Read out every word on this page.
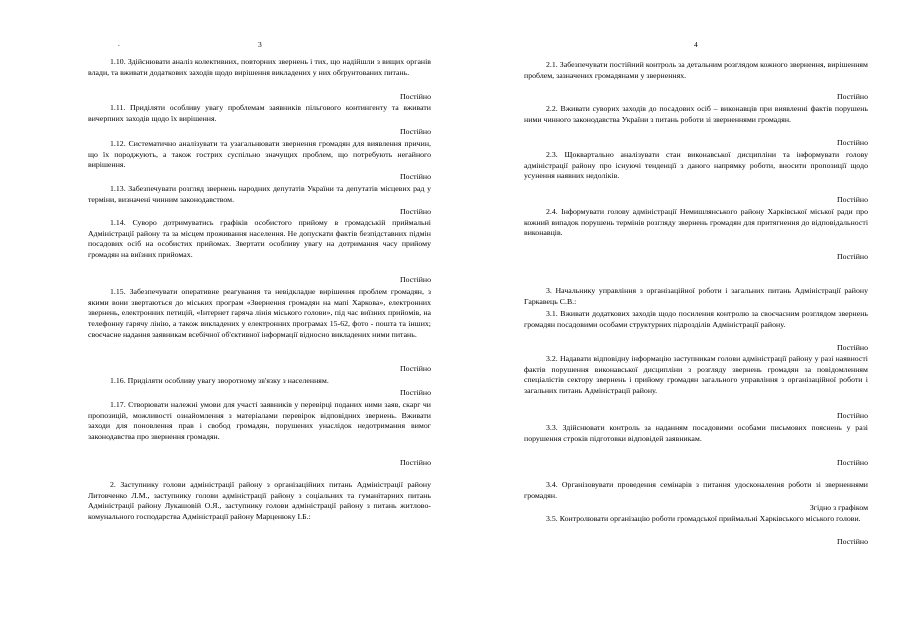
.	3

1.10. Здійснювати аналіз колективних, повторних звернень і тих, що надійшли з вищих органів влади, та вживати додаткових заходів щодо вирішення викладених у них обґрунтованих питань.

Постійно

1.11. Приділяти особливу увагу проблемам заявників пільгового контингенту та вживати вичерпних заходів щодо їх вирішення.

Постійно

1.12. Систематично аналізувати та узагальнювати звернення громадян для виявлення причин, що їх породжують, а також гострих суспільно значущих проблем, що потребують негайного вирішення.

Постійно

1.13. Забезпечувати розгляд звернень народних депутатів України та депутатів місцевих рад у терміни, визначені чинним законодавством.

Постійно

1.14. Суворо дотримуватись графіків особистого прийому в громадській приймальні Адміністрації району та за місцем проживання населення. Не допускати фактів безпідставних підмін посадових осіб на особистих прийомах. Звертати особливу увагу на дотримання часу прийому громадян на виїзних прийомах.

Постійно

1.15. Забезпечувати оперативне реагування та невідкладне вирішення проблем громадян, з якими вони звертаються до міських програм «Звернення громадян на мапі Харкова», електронних звернень, електронних петицій, «Інтернет гаряча лінія міського голови», під час виїзних прийомів, на телефонну гарячу лінію, а також викладених у електронних програмах 15-62, фото - пошта та інших; своєчасне надання заявникам всебічної об'єктивної інформації відносно викладених ними питань.

Постійно

1.16. Приділяти особливу увагу зворотному зв'язку з населенням.

Постійно

1.17. Створювати належні умови для участі заявників у перевірці поданих ними заяв, скарг чи пропозицій, можливості ознайомлення з матеріалами перевірок відповідних звернень. Вживати заходи для поновлення прав і свобод громадян, порушених унаслідок недотримання вимог законодавства про звернення громадян.

Постійно

2. Заступнику голови адміністрації району з організаційних питань Адміністрації району Литовченко Л.М., заступнику голови адміністрації району з соціальних та гуманітарних питань Адміністрації району Лукашовій О.Я., заступнику голови адміністрації району з питань житлово-комунального господарства Адміністрації району Марценюку І.Б.:

4

2.1. Забезпечувати постійний контроль за детальним розглядом кожного звернення, вирішенням проблем, зазначених громадянами у зверненнях.

Постійно

2.2. Вживати суворих заходів до посадових осіб – виконавців при виявленні фактів порушень ними чинного законодавства України з питань роботи зі зверненнями громадян.

Постійно

2.3. Щоквартально аналізувати стан виконавської дисципліни та інформувати голову адміністрації району про існуючі тенденції з даного напрямку роботи, вносити пропозиції щодо усунення наявних недоліків.

Постійно

2.4. Інформувати голову адміністрації Немишлянського району Харківської міської ради про кожний випадок порушень термінів розгляду звернень громадян для притягнення до відповідальності виконавців.

Постійно

3. Начальнику управління з організаційної роботи і загальних питань Адміністрації району Гаркавець С.В.:

3.1. Вживати додаткових заходів щодо посилення контролю за своєчасним розглядом звернень громадян посадовими особами структурних підрозділів Адміністрації району.

Постійно

3.2. Надавати відповідну інформацію заступникам голови адміністрації району у разі наявності фактів порушення виконавської дисципліни з розгляду звернень громадян за повідомленням спеціалістів сектору звернень і прийому громадян загального управління з організаційної роботи і загальних питань Адміністрації району.

Постійно

3.3. Здійснювати контроль за наданням посадовими особами письмових пояснень у разі порушення строків підготовки відповідей заявникам.

Постійно

3.4. Організовувати проведення семінарів з питання удосконалення роботи зі зверненнями громадян.

Згідно з графіком

3.5. Контролювати організацію роботи громадської приймальні Харківського міського голови.

Постійно
